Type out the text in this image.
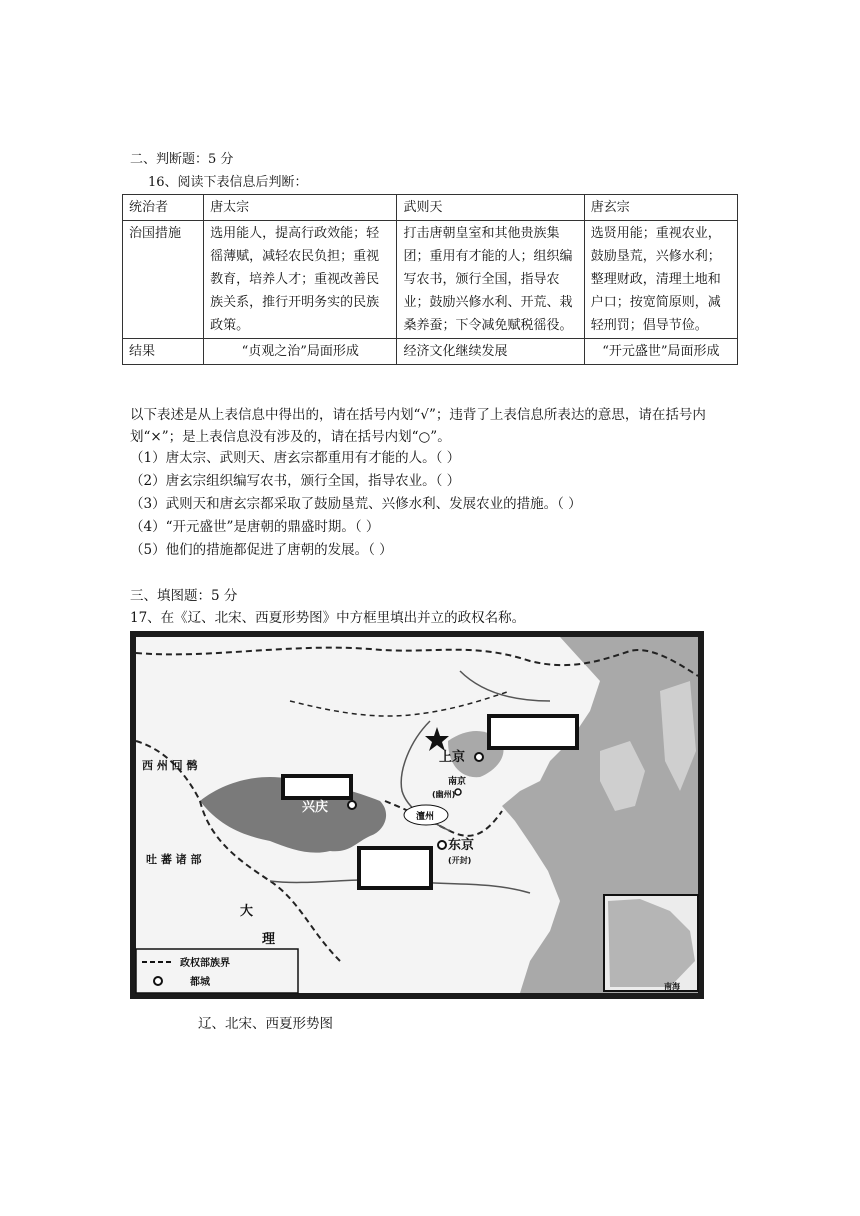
二、判断题：5 分
16、阅读下表信息后判断：
统治者	唐太宗	武则天	唐玄宗
治国措施	选用能人，提高行政效能；轻徭薄赋，减轻农民负担；重视教育，培养人才；重视改善民族关系，推行开明务实的民族政策。	打击唐朝皇室和其他贵族集团；重用有才能的人；组织编写农书，颁行全国，指导农业；鼓励兴修水利、开荒、栽桑养蚕；下令减免赋税徭役。	选贤用能；重视农业，鼓励垦荒，兴修水利；整理财政，清理土地和户口；按宽简原则，减轻刑罚；倡导节俭。
结果	“贞观之治”局面形成	经济文化继续发展	“开元盛世”局面形成
以下表述是从上表信息中得出的，请在括号内划“√”；违背了上表信息所表达的意思，请在括号内划“×”；是上表信息没有涉及的，请在括号内划“○”。
（1）唐太宗、武则天、唐玄宗都重用有才能的人。（ ）
（2）唐玄宗组织编写农书，颁行全国，指导农业。（ ）
（3）武则天和唐玄宗都采取了鼓励垦荒、兴修水利、发展农业的措施。（ ）
（4）“开元盛世”是唐朝的鼎盛时期。（ ）
（5）他们的措施都促进了唐朝的发展。（ ）
三、填图题：5 分
17、在《辽、北宋、西夏形势图》中方框里填出并立的政权名称。
西 州 回 鹘
吐 蕃 诸 部
大
理
上京
兴庆
南京
(幽州)
澶州
东京
(开封)
南海
政权部族界
都城
辽、北宋、西夏形势图
